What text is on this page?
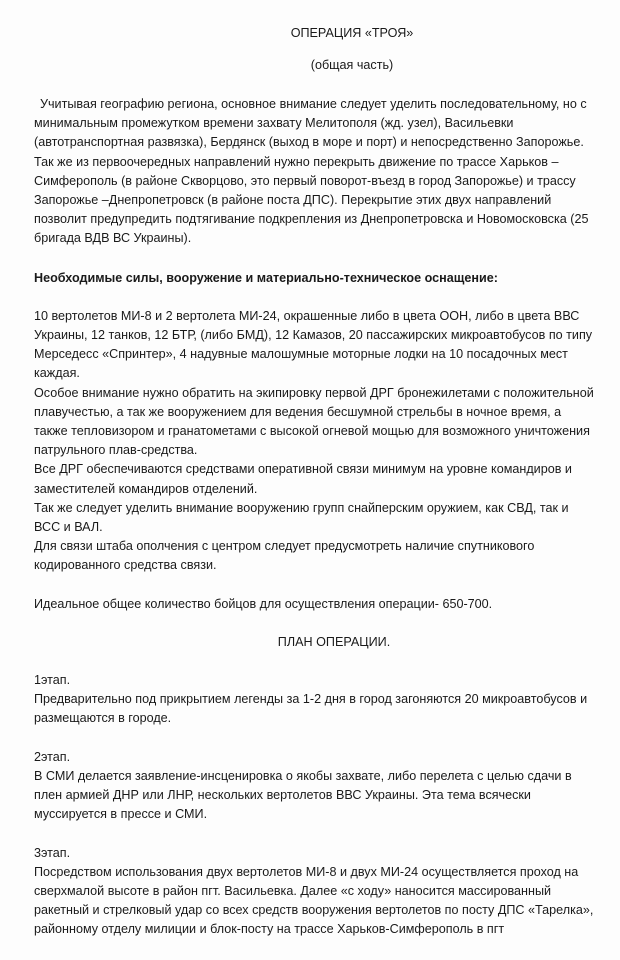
ОПЕРАЦИЯ «ТРОЯ»
(общая часть)

Учитывая географию региона, основное внимание следует уделить последовательному, но с минимальным промежутком времени захвату Мелитополя (жд. узел), Васильевки (автотранспортная развязка), Бердянск (выход в море и порт) и непосредственно Запорожье. Так же из первоочередных направлений нужно перекрыть движение по трассе Харьков – Симферополь (в районе Скворцово, это первый поворот-въезд в город Запорожье) и трассу Запорожье –Днепропетровск (в районе поста ДПС). Перекрытие этих двух направлений позволит предупредить подтягивание подкрепления из Днепропетровска и Новомосковска (25 бригада ВДВ ВС Украины).

Необходимые силы, вооружение и материально-техническое оснащение:

10 вертолетов МИ-8 и 2 вертолета МИ-24, окрашенные либо в цвета ООН, либо в цвета ВВС Украины, 12 танков, 12 БТР, (либо БМД), 12 Камазов, 20 пассажирских микроавтобусов по типу Мерседесс «Спринтер», 4 надувные малошумные моторные лодки на 10 посадочных мест каждая.

Особое внимание нужно обратить на экипировку первой ДРГ бронежилетами с положительной плавучестью, а так же вооружением для ведения бесшумной стрельбы в ночное время, а также тепловизором и гранатометами с высокой огневой мощью для возможного уничтожения патрульного плав-средства.

Все ДРГ обеспечиваются средствами оперативной связи минимум на уровне командиров и заместителей командиров отделений.

Так же следует уделить внимание вооружению групп снайперским оружием, как СВД, так и ВСС и ВАЛ.

Для связи штаба ополчения с центром следует предусмотреть наличие спутникового кодированного средства связи.

Идеальное общее количество бойцов для осуществления операции- 650-700.

ПЛАН ОПЕРАЦИИ.

1этап.

Предварительно под прикрытием легенды за 1-2 дня в город загоняются 20 микроавтобусов и размещаются в городе.

2этап.

В СМИ делается заявление-инсценировка о якобы захвате, либо перелета с целью сдачи в плен армией ДНР или ЛНР, нескольких вертолетов ВВС Украины. Эта тема всячески муссируется в прессе и СМИ.

3этап.

Посредством использования двух вертолетов МИ-8 и двух МИ-24 осуществляется проход на сверхмалой высоте в район пгт. Васильевка. Далее «с ходу» наносится массированный ракетный и стрелковый удар со всех средств вооружения вертолетов по посту ДПС «Тарелка», районному отделу милиции и блок-посту на трассе Харьков-Симферополь в пгт
